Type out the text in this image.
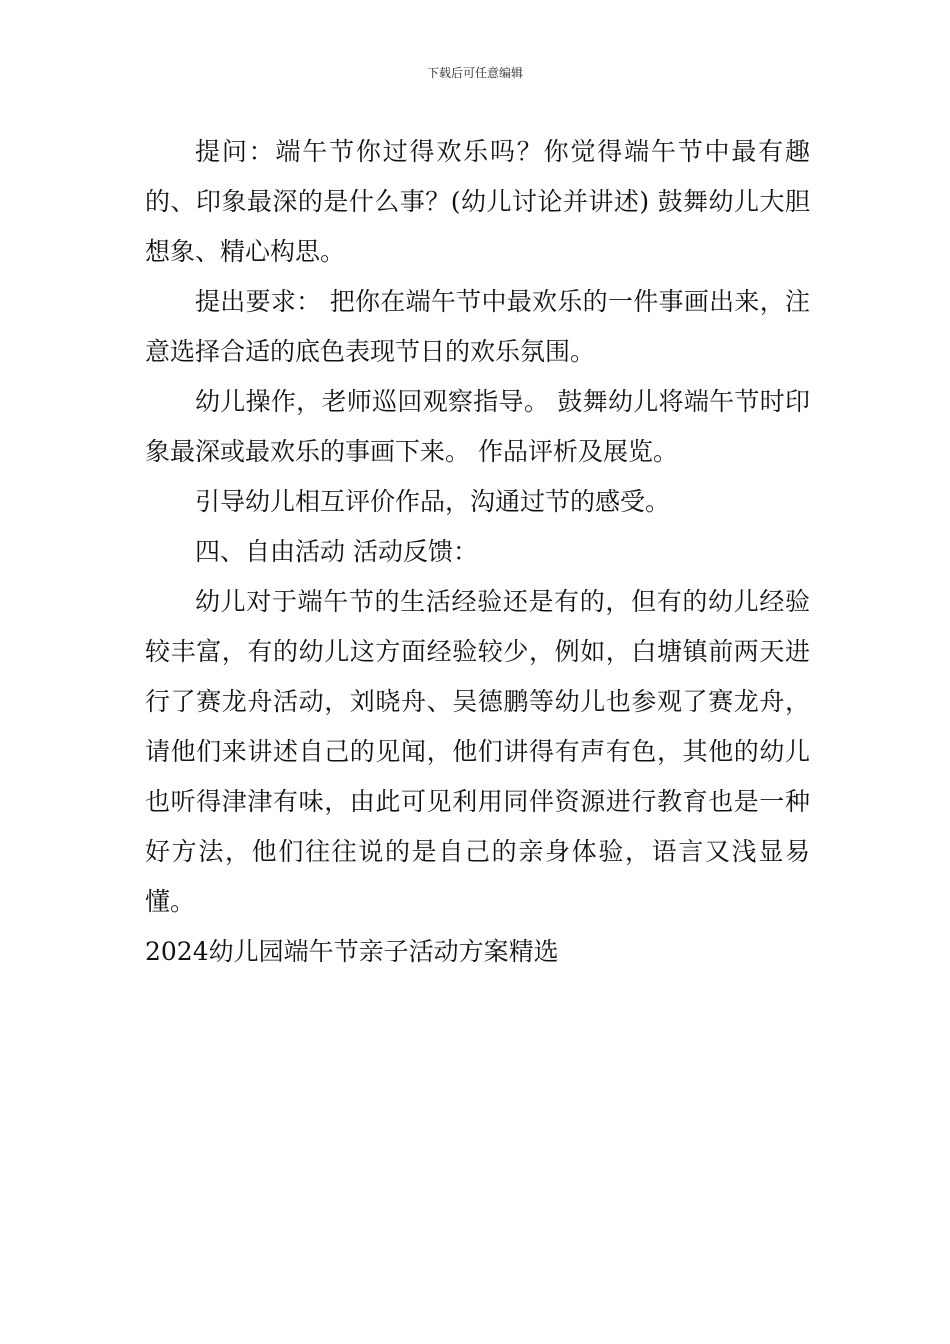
下载后可任意编辑

提问：端午节你过得欢乐吗？你觉得端午节中最有趣的、印象最深的是什么事？(幼儿讨论并讲述) 鼓舞幼儿大胆想象、精心构思。

提出要求： 把你在端午节中最欢乐的一件事画出来，注意选择合适的底色表现节日的欢乐氛围。

幼儿操作，老师巡回观察指导。 鼓舞幼儿将端午节时印象最深或最欢乐的事画下来。 作品评析及展览。

引导幼儿相互评价作品，沟通过节的感受。

四、自由活动 活动反馈：

幼儿对于端午节的生活经验还是有的，但有的幼儿经验较丰富，有的幼儿这方面经验较少，例如，白塘镇前两天进行了赛龙舟活动，刘晓舟、吴德鹏等幼儿也参观了赛龙舟，请他们来讲述自己的见闻，他们讲得有声有色，其他的幼儿也听得津津有味，由此可见利用同伴资源进行教育也是一种好方法，他们往往说的是自己的亲身体验，语言又浅显易懂。

2024幼儿园端午节亲子活动方案精选
